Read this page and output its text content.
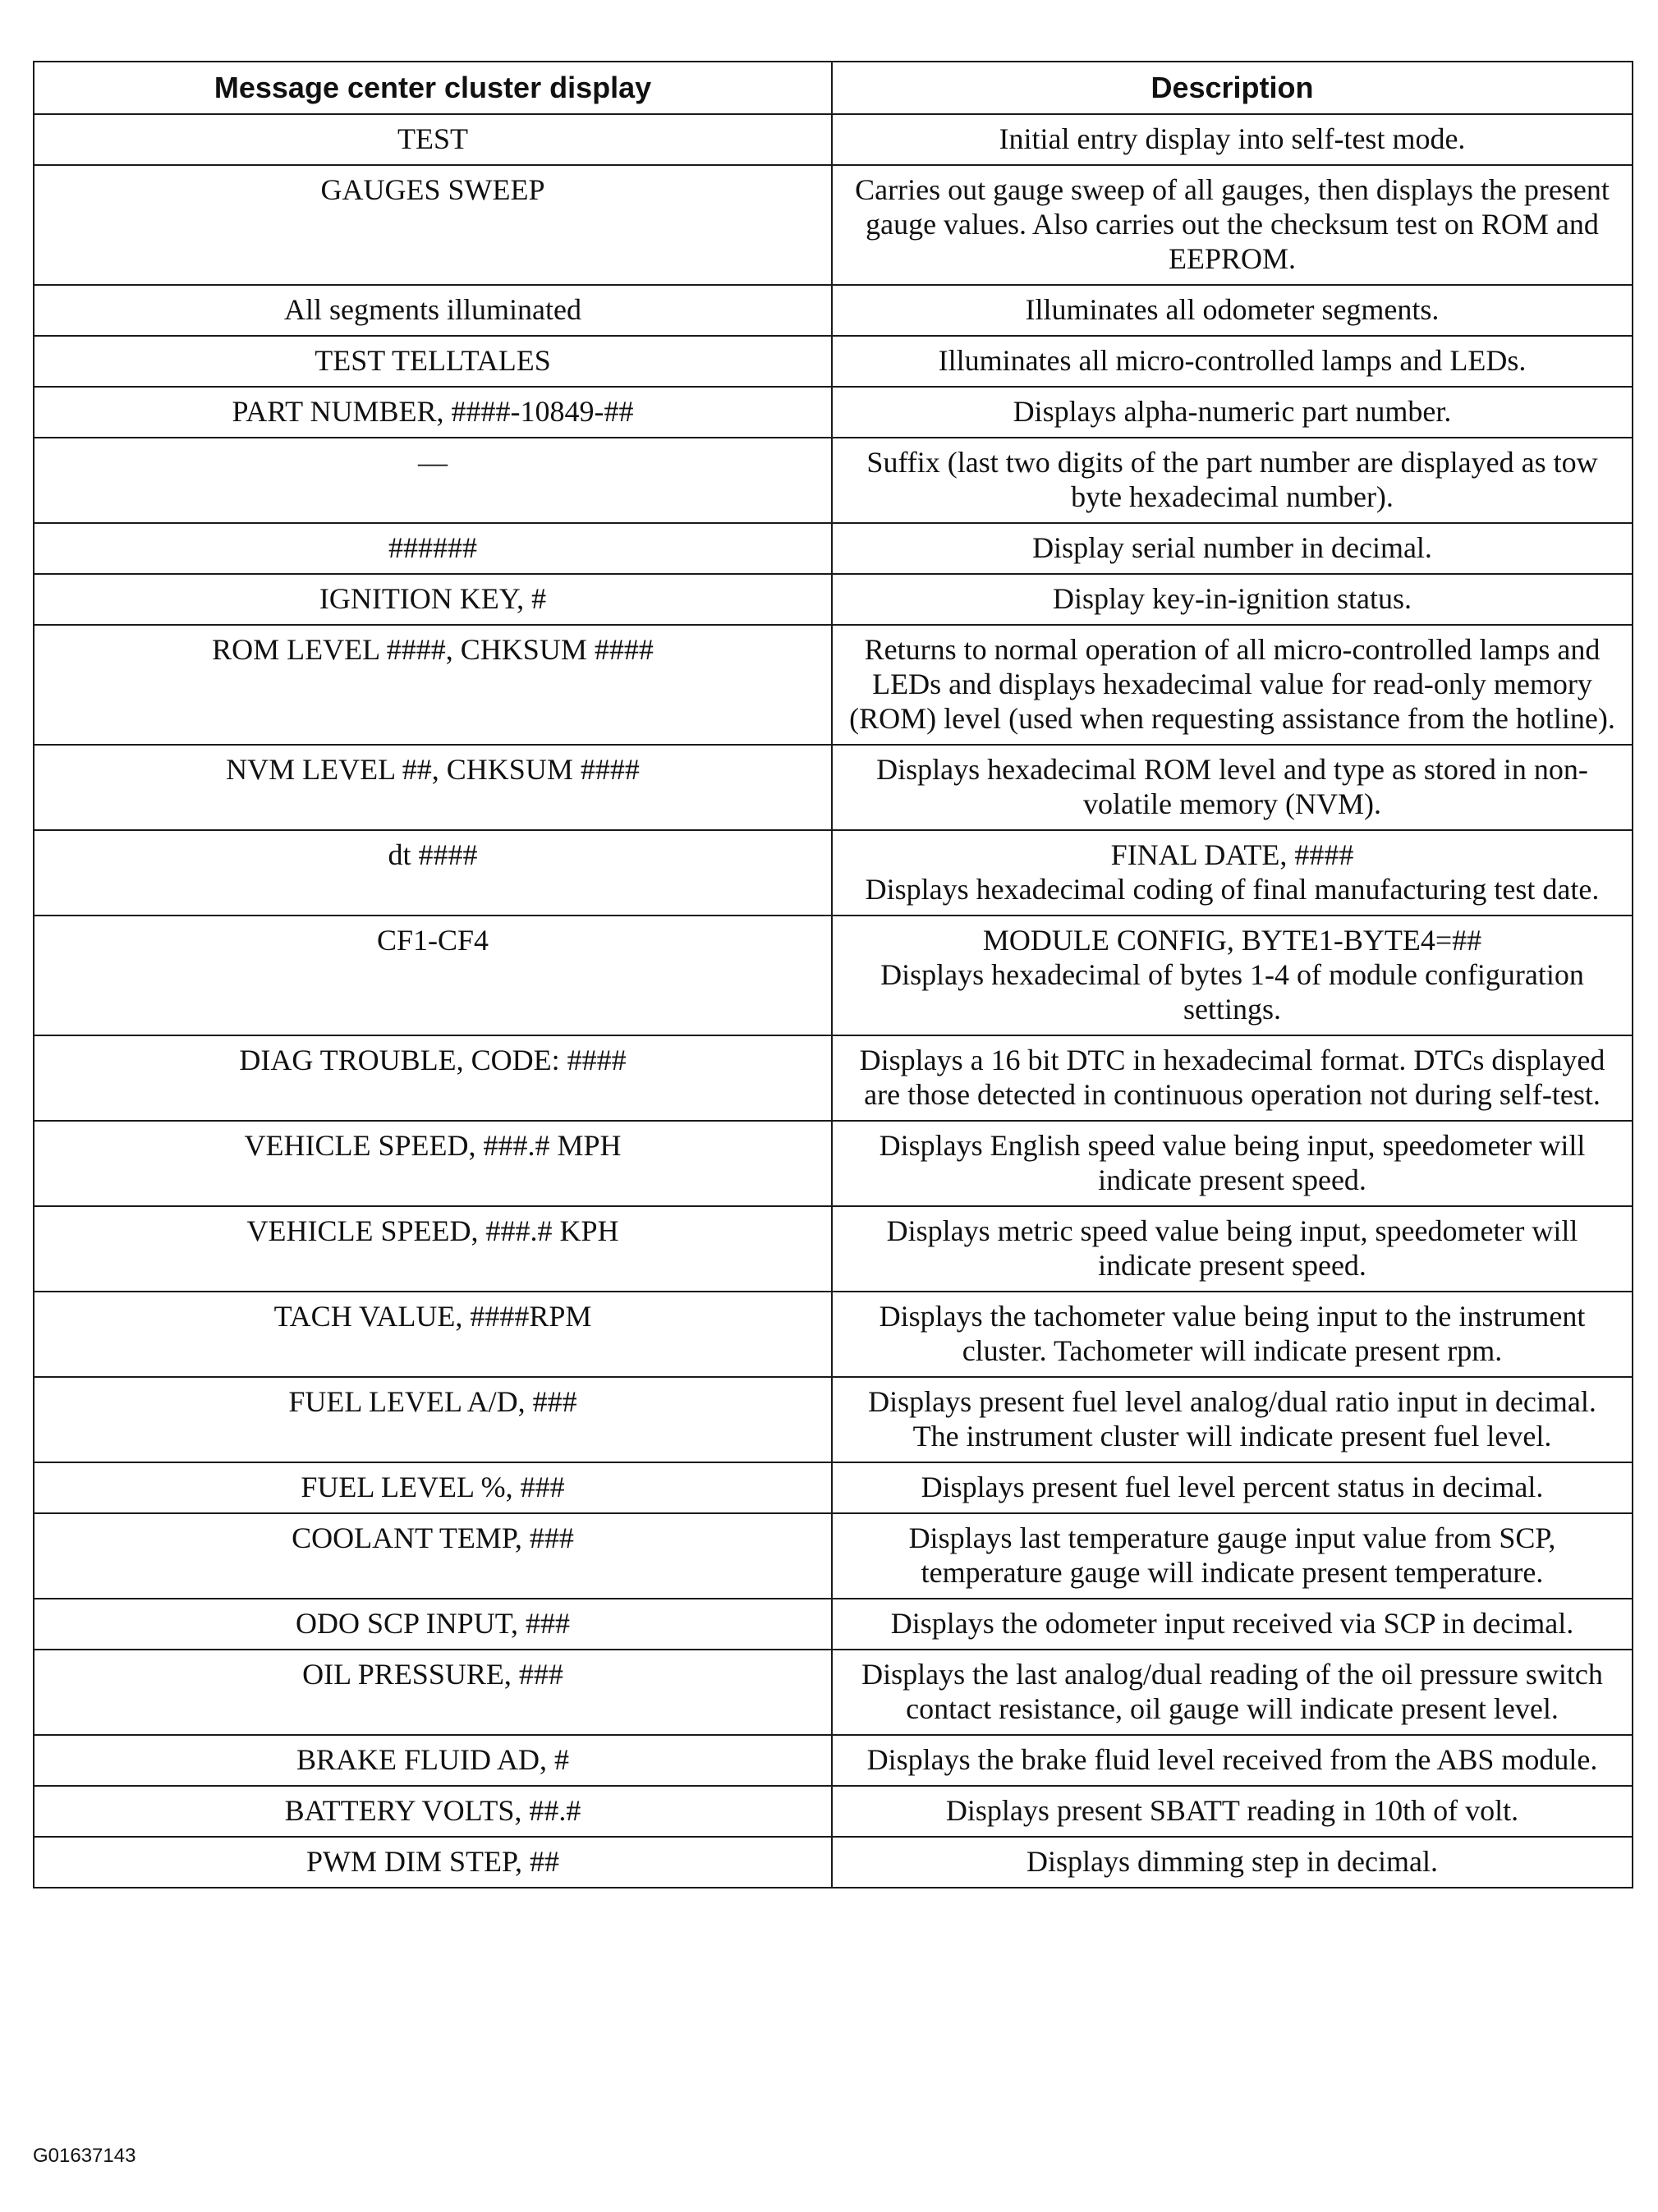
Message center cluster display	Description
TEST	Initial entry display into self-test mode.

GAUGES SWEEP	Carries out gauge sweep of all gauges, then displays the present gauge values. Also carries out the checksum test on ROM and EEPROM.

All segments illuminated	Illuminates all odometer segments.

TEST TELLTALES	Illuminates all micro-controlled lamps and LEDs.

PART NUMBER, ####-10849-##	Displays alpha-numeric part number.

—	Suffix (last two digits of the part number are displayed as tow byte hexadecimal number).

######	Display serial number in decimal.

IGNITION KEY, #	Display key-in-ignition status.

ROM LEVEL ####, CHKSUM ####	Returns to normal operation of all micro-controlled lamps and LEDs and displays hexadecimal value for read-only memory (ROM) level (used when requesting assistance from the hotline).

NVM LEVEL ##, CHKSUM ####	Displays hexadecimal ROM level and type as stored in non-volatile memory (NVM).

dt ####	FINAL DATE, ####
Displays hexadecimal coding of final manufacturing test date.

CF1-CF4	MODULE CONFIG, BYTE1-BYTE4=##
Displays hexadecimal of bytes 1-4 of module configuration settings.

DIAG TROUBLE, CODE: ####	Displays a 16 bit DTC in hexadecimal format. DTCs displayed are those detected in continuous operation not during self-test.

VEHICLE SPEED, ###.# MPH	Displays English speed value being input, speedometer will indicate present speed.

VEHICLE SPEED, ###.# KPH	Displays metric speed value being input, speedometer will indicate present speed.

TACH VALUE, ####RPM	Displays the tachometer value being input to the instrument cluster. Tachometer will indicate present rpm.

FUEL LEVEL A/D, ###	Displays present fuel level analog/dual ratio input in decimal. The instrument cluster will indicate present fuel level.

FUEL LEVEL %, ###	Displays present fuel level percent status in decimal.

COOLANT TEMP, ###	Displays last temperature gauge input value from SCP, temperature gauge will indicate present temperature.

ODO SCP INPUT, ###	Displays the odometer input received via SCP in decimal.

OIL PRESSURE, ###	Displays the last analog/dual reading of the oil pressure switch contact resistance, oil gauge will indicate present level.

BRAKE FLUID AD, #	Displays the brake fluid level received from the ABS module.

BATTERY VOLTS, ##.#	Displays present SBATT reading in 10th of volt.

PWM DIM STEP, ##	Displays dimming step in decimal.
G01637143
